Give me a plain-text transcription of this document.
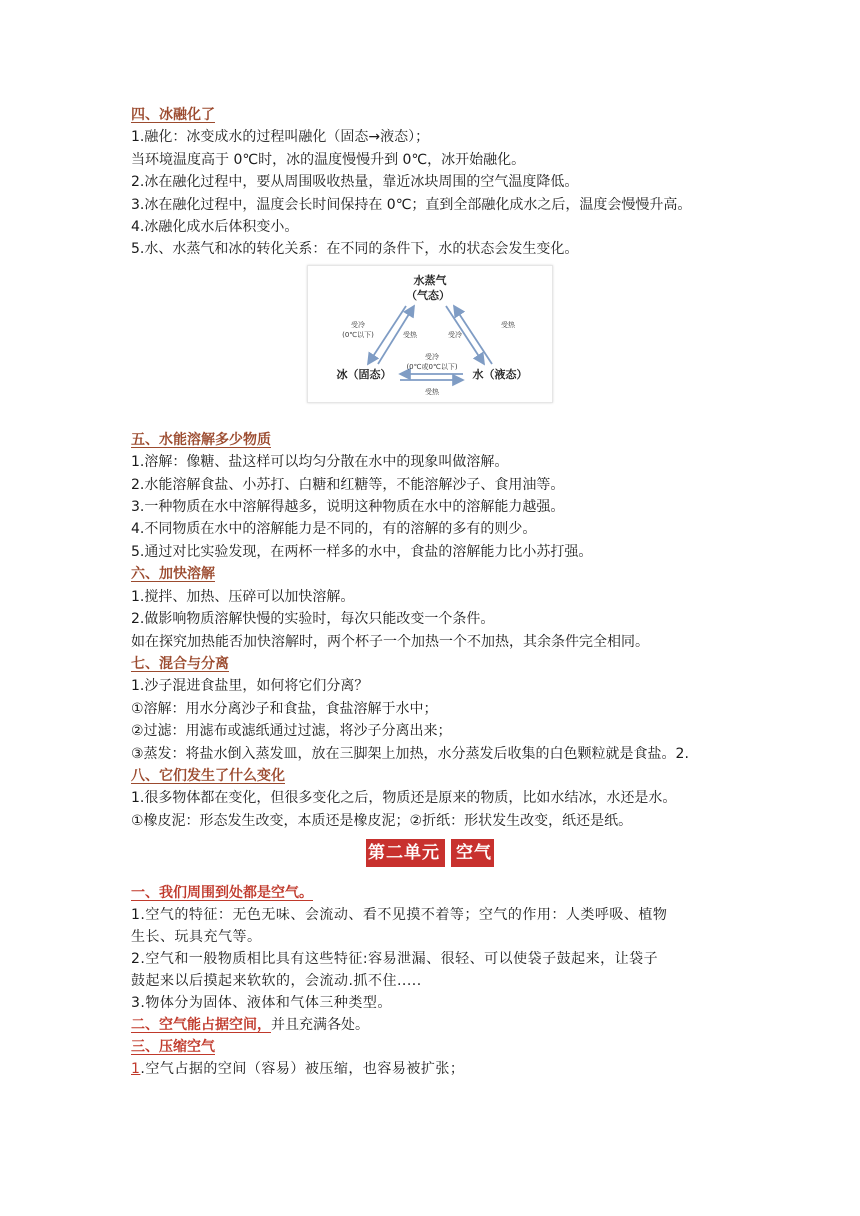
四、冰融化了
1.融化：冰变成水的过程叫融化（固态→液态）；
当环境温度高于 0℃时，冰的温度慢慢升到 0℃，冰开始融化。
2.冰在融化过程中，要从周围吸收热量，靠近冰块周围的空气温度降低。
3.冰在融化过程中，温度会长时间保持在 0℃；直到全部融化成水之后，温度会慢慢升高。
4.冰融化成水后体积变小。
5.水、水蒸气和冰的转化关系：在不同的条件下，水的状态会发生变化。
水蒸气
（气态）
冰（固态）	水（液态）
受冷
(0℃以下)	受热
受热
受冷
受冷
(0℃或0℃以下)
受热
五、水能溶解多少物质
1.溶解：像糖、盐这样可以均匀分散在水中的现象叫做溶解。
2.水能溶解食盐、小苏打、白糖和红糖等，不能溶解沙子、食用油等。
3.一种物质在水中溶解得越多，说明这种物质在水中的溶解能力越强。
4.不同物质在水中的溶解能力是不同的，有的溶解的多有的则少。
5.通过对比实验发现，在两杯一样多的水中，食盐的溶解能力比小苏打强。
六、加快溶解
1.搅拌、加热、压碎可以加快溶解。
2.做影响物质溶解快慢的实验时，每次只能改变一个条件。
如在探究加热能否加快溶解时，两个杯子一个加热一个不加热，其余条件完全相同。
七、混合与分离
1.沙子混进食盐里，如何将它们分离？
①溶解：用水分离沙子和食盐，食盐溶解于水中；
②过滤：用滤布或滤纸通过过滤，将沙子分离出来；
③蒸发：将盐水倒入蒸发皿，放在三脚架上加热，水分蒸发后收集的白色颗粒就是食盐。2.
八、它们发生了什么变化
1.很多物体都在变化，但很多变化之后，物质还是原来的物质，比如水结冰，水还是水。
①橡皮泥：形态发生改变，本质还是橡皮泥；②折纸：形状发生改变，纸还是纸。
第二单元 空气
一、我们周围到处都是空气。
1.空气的特征：无色无味、会流动、看不见摸不着等；空气的作用：人类呼吸、植物
生长、玩具充气等。
2.空气和一般物质相比具有这些特征:容易泄漏、很轻、可以使袋子鼓起来，让袋子
鼓起来以后摸起来软软的，会流动.抓不住.....
3.物体分为固体、液体和气体三种类型。
二、空气能占据空间，并且充满各处。
三、压缩空气
1.空气占据的空间（容易）被压缩，也容易被扩张；
